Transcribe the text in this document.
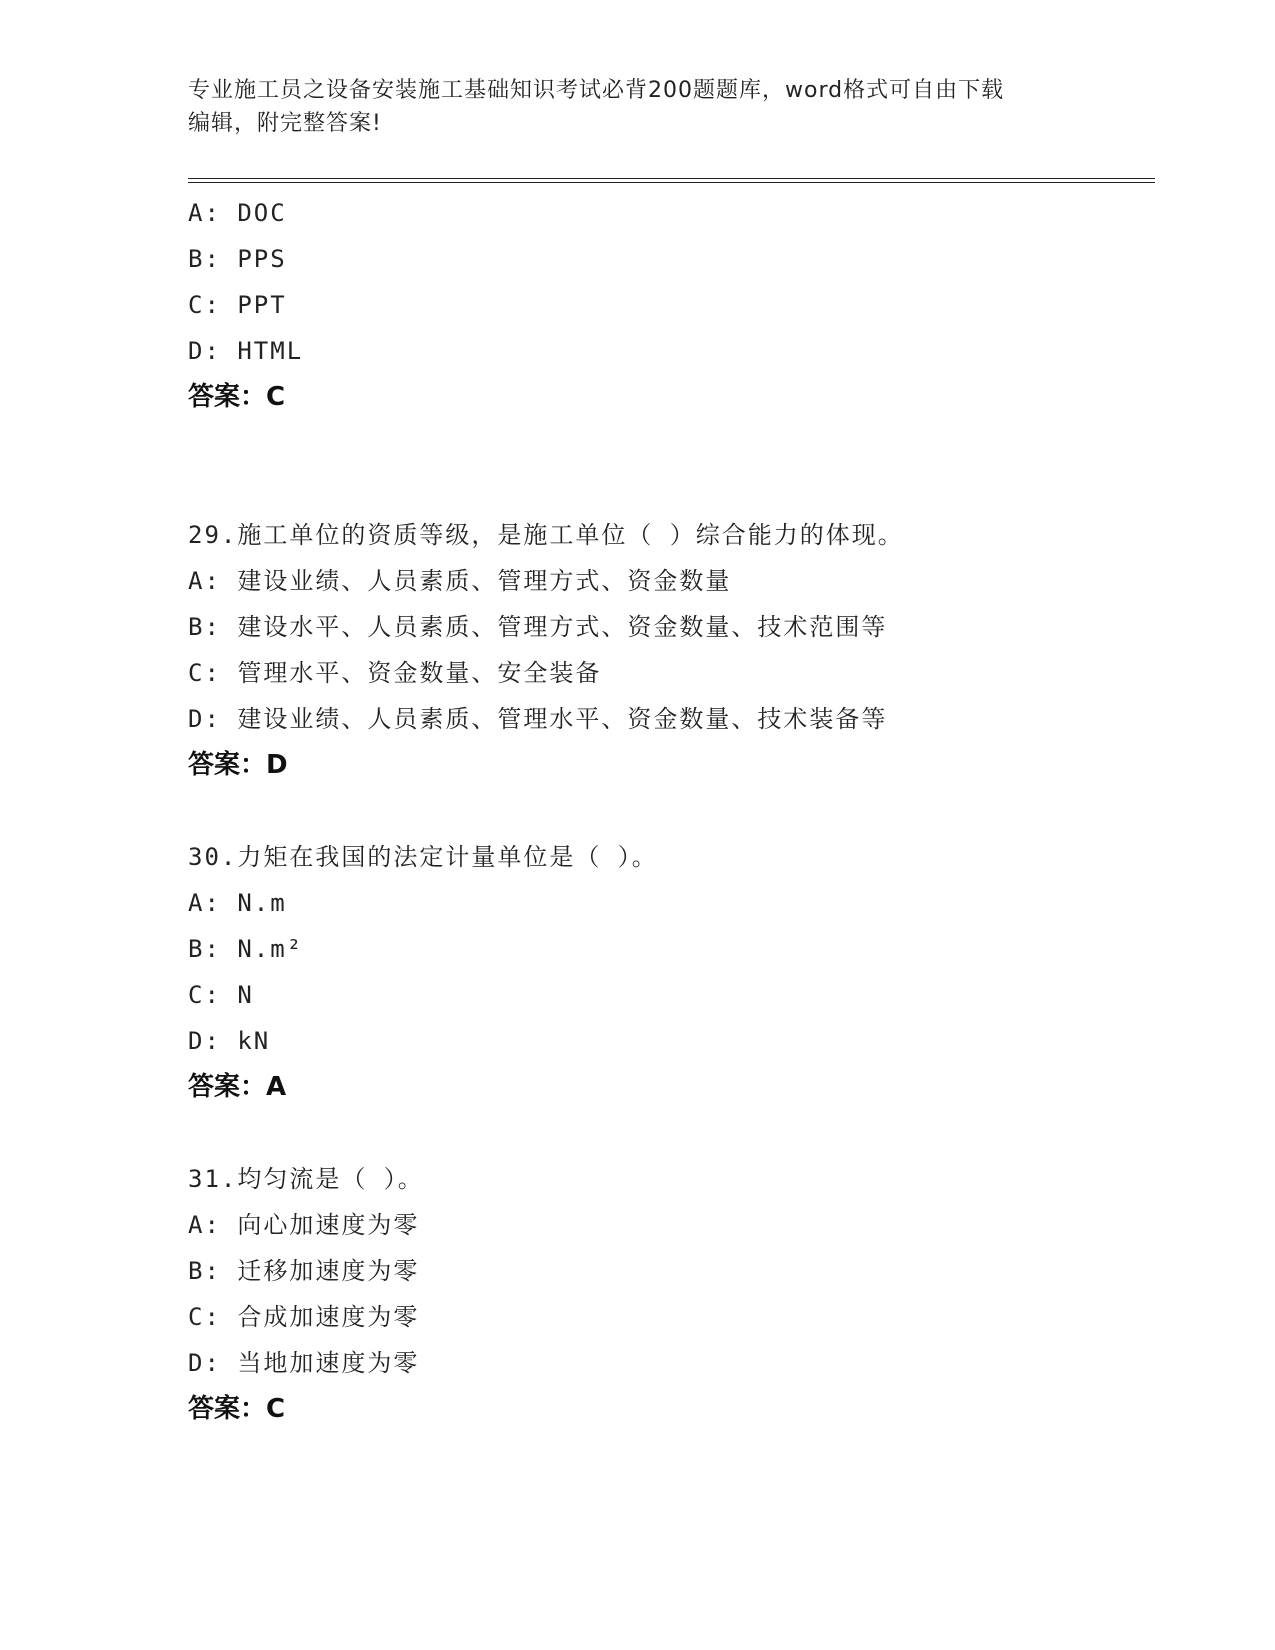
专业施工员之设备安装施工基础知识考试必背200题题库，word格式可自由下载
编辑，附完整答案!
A: DOC
B: PPS
C: PPT
D: HTML
答案：C
29.施工单位的资质等级，是施工单位（ ）综合能力的体现。
A: 建设业绩、人员素质、管理方式、资金数量
B: 建设水平、人员素质、管理方式、资金数量、技术范围等
C: 管理水平、资金数量、安全装备
D: 建设业绩、人员素质、管理水平、资金数量、技术装备等
答案：D
30.力矩在我国的法定计量单位是（ ）。
A: N.m
B: N.m²
C: N
D: kN
答案：A
31.均匀流是（ ）。
A: 向心加速度为零
B: 迁移加速度为零
C: 合成加速度为零
D: 当地加速度为零
答案：C
